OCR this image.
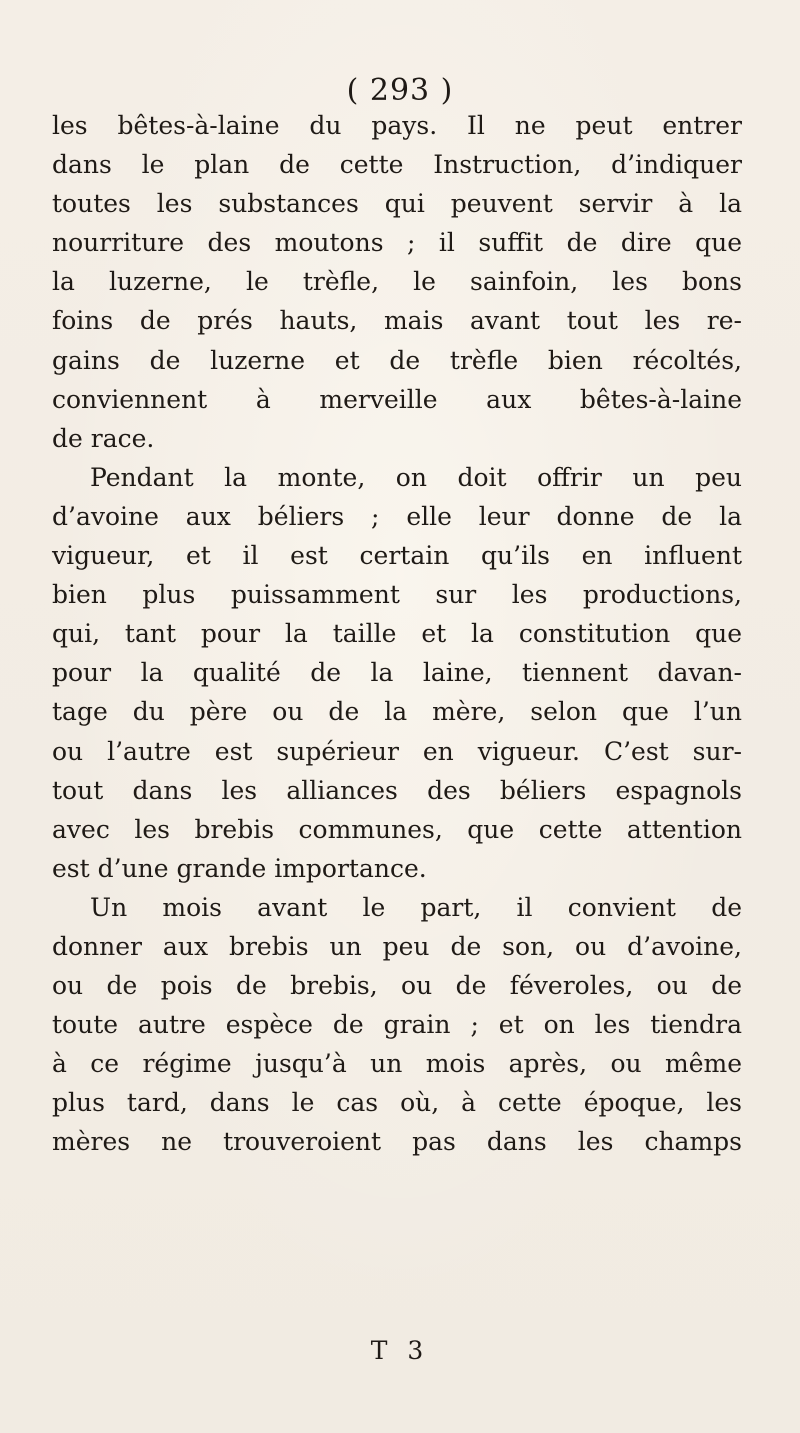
( 293 )
les bêtes-à-laine du pays. Il ne peut entrer
dans le plan de cette Instruction, d’indiquer
toutes les substances qui peuvent servir à la
nourriture des moutons ; il suffit de dire que
la luzerne, le trèfle, le sainfoin, les bons
foins de prés hauts, mais avant tout les re-
gains de luzerne et de trèfle bien récoltés,
conviennent à merveille aux bêtes-à-laine
de race.
Pendant la monte, on doit offrir un peu
d’avoine aux béliers ; elle leur donne de la
vigueur, et il est certain qu’ils en influent
bien plus puissamment sur les productions,
qui, tant pour la taille et la constitution que
pour la qualité de la laine, tiennent davan-
tage du père ou de la mère, selon que l’un
ou l’autre est supérieur en vigueur. C’est sur-
tout dans les alliances des béliers espagnols
avec les brebis communes, que cette attention
est d’une grande importance.
Un mois avant le part, il convient de
donner aux brebis un peu de son, ou d’avoine,
ou de pois de brebis, ou de féveroles, ou de
toute autre espèce de grain ; et on les tiendra
à ce régime jusqu’à un mois après, ou même
plus tard, dans le cas où, à cette époque, les
mères ne trouveroient pas dans les champs
T 3
